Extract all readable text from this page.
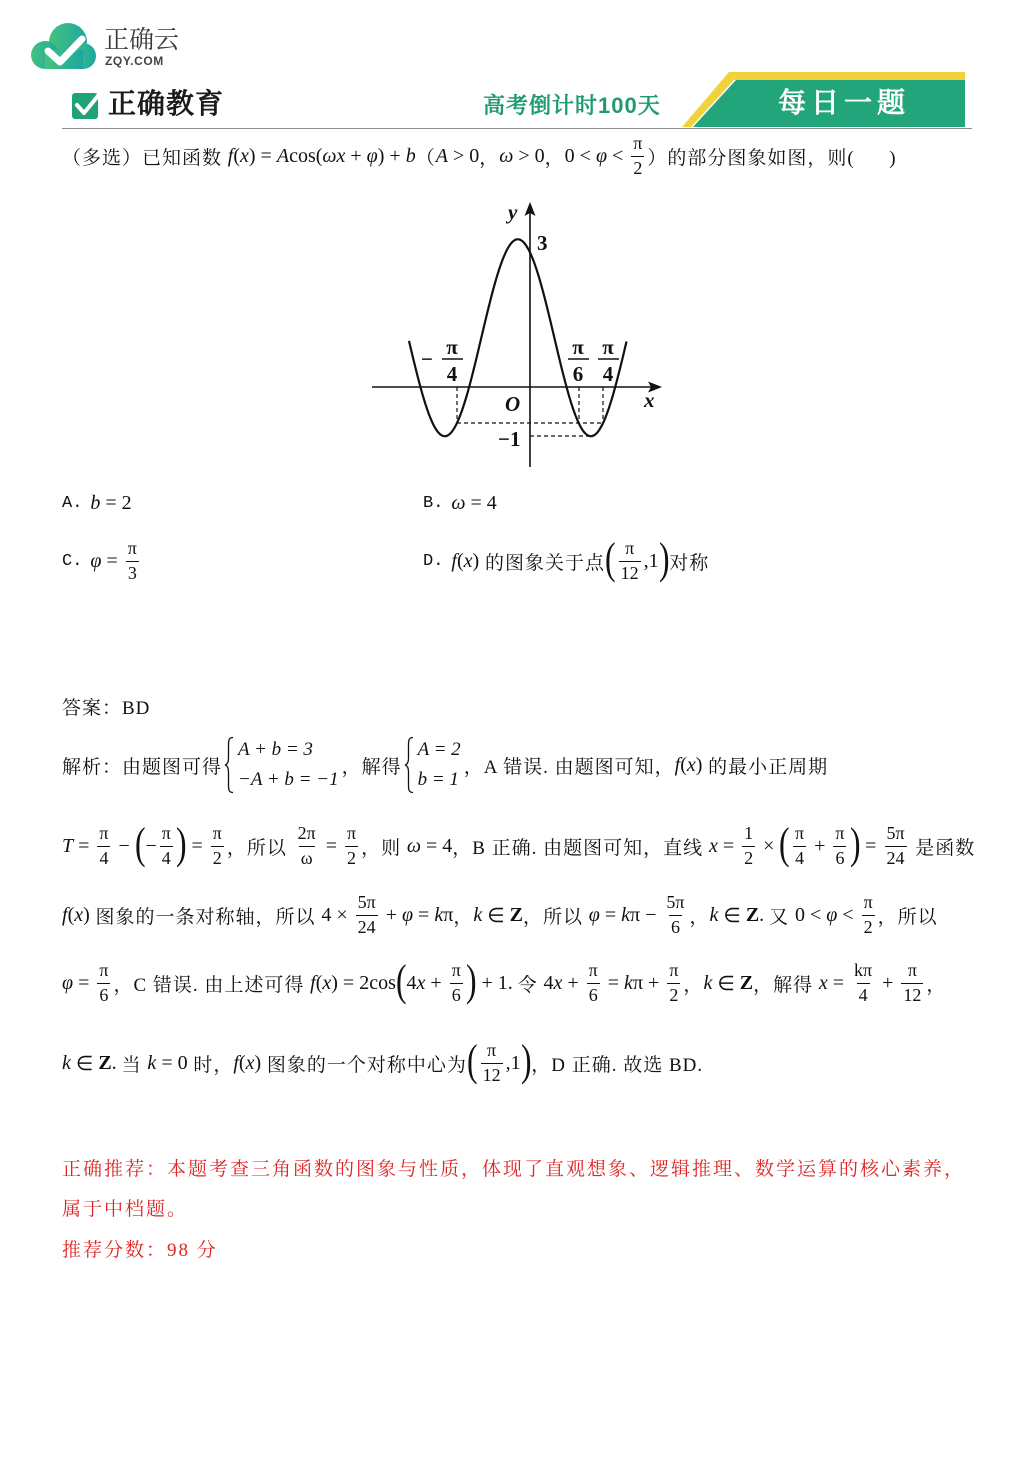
正确云
ZQY.COM
正确教育	高考倒计时100天	每日一题
（多选）已知函数 f ( x ) = A cos( ωx + φ ) + b （ A > 0 ， ω > 0 ， $0 < \varphi < \frac{\pi}{2}$ ）的部分图象如图，则(      )
y
3
x
O
−1
− π
4
π
6
π
4
A. b = 2	B. ω = 4
C. $\varphi = \frac{\pi}{3}$	D. f ( x ) 的图象关于点 ( $\frac{\pi}{12} ,1$ ) 对称
答案：BD
解析：由题图可得
A + b = 3
−A + b = −1
，解得
A = 2
b = 1
，A 错误. 由题图可知， f ( x ) 的最小正周期
$T = \frac{\pi}{4}$ − ( − $\frac{\pi}{4}$ ) = $\frac{\pi}{2}$ ，所以 $\frac{2\pi}{\omega} = \frac{\pi}{2}$ ，则 ω = 4 ，B 正确. 由题图可知，直线 $x = \frac{1}{2}$ × ( $\frac{\pi}{4} + \frac{\pi}{6}$ ) = $\frac{5\pi}{24}$ 是函数
f ( x ) 图象的一条对称轴，所以 $4 \times \frac{5\pi}{24} + \varphi = k$ π ， k ∈ Z ，所以 φ = k $\pi - \frac{5\pi}{6}$ ， k ∈ Z . 又 $0 < \varphi < \frac{\pi}{2}$ ，所以
$\varphi = \frac{\pi}{6}$ ，C 错误. 由上述可得 f ( x ) = 2cos ( 4 $x + \frac{\pi}{6}$ ) + 1. 令 4 $x + \frac{\pi}{6} = k$ $\pi + \frac{\pi}{2}$ ， k ∈ Z ，解得 $x = \frac{k\pi}{4} + \frac{\pi}{12}$ ，
k ∈ Z . 当 k = 0 时， f ( x ) 图象的一个对称中心为 ( $\frac{\pi}{12} ,1$ ) ，D 正确. 故选 BD.
正确推荐：本题考查三角函数的图象与性质，体现了直观想象、逻辑推理、数学运算的核心素养，
属于中档题。
推荐分数：98 分
